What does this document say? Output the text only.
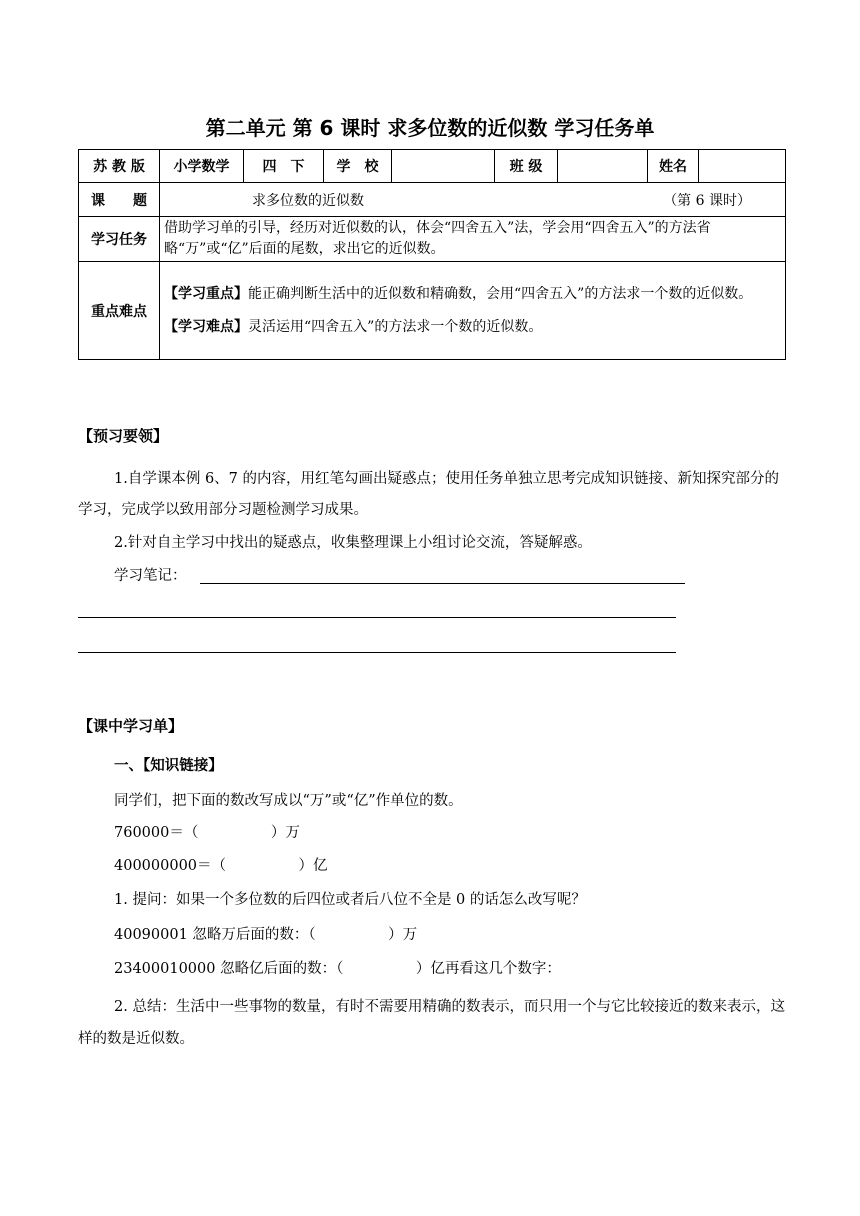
第二单元 第 6 课时 求多位数的近似数 学习任务单
苏 教 版	小学数学	四　下	学　校		班 级		姓名	
课　　题	求多位数的近似数 （第 6 课时）							

学习任务	借助学习单的引导，经历对近似数的认，体会“四舍五入”法，学会用“四舍五入”的方法省略“万”或“亿”后面的尾数，求出它的近似数。							
重点难点	【学习重点】能正确判断生活中的近似数和精确数，会用“四舍五入”的方法求一个数的近似数。
【学习难点】灵活运用“四舍五入”的方法求一个数的近似数。							
【预习要领】
1.自学课本例 6、7 的内容，用红笔勾画出疑惑点；使用任务单独立思考完成知识链接、新知探究部分的学习，完成学以致用部分习题检测学习成果。
2.针对自主学习中找出的疑惑点，收集整理课上小组讨论交流，答疑解惑。
学习笔记：
【课中学习单】
一、【知识链接】
同学们，把下面的数改写成以“万”或“亿”作单位的数。
760000＝（　　　　　）万
400000000＝（　　　　　）亿
1. 提问：如果一个多位数的后四位或者后八位不全是 0 的话怎么改写呢？
40090001 忽略万后面的数：（　　　　　）万
23400010000 忽略亿后面的数：（　　　　　）亿再看这几个数字：
2. 总结：生活中一些事物的数量，有时不需要用精确的数表示，而只用一个与它比较接近的数来表示，这样的数是近似数。
